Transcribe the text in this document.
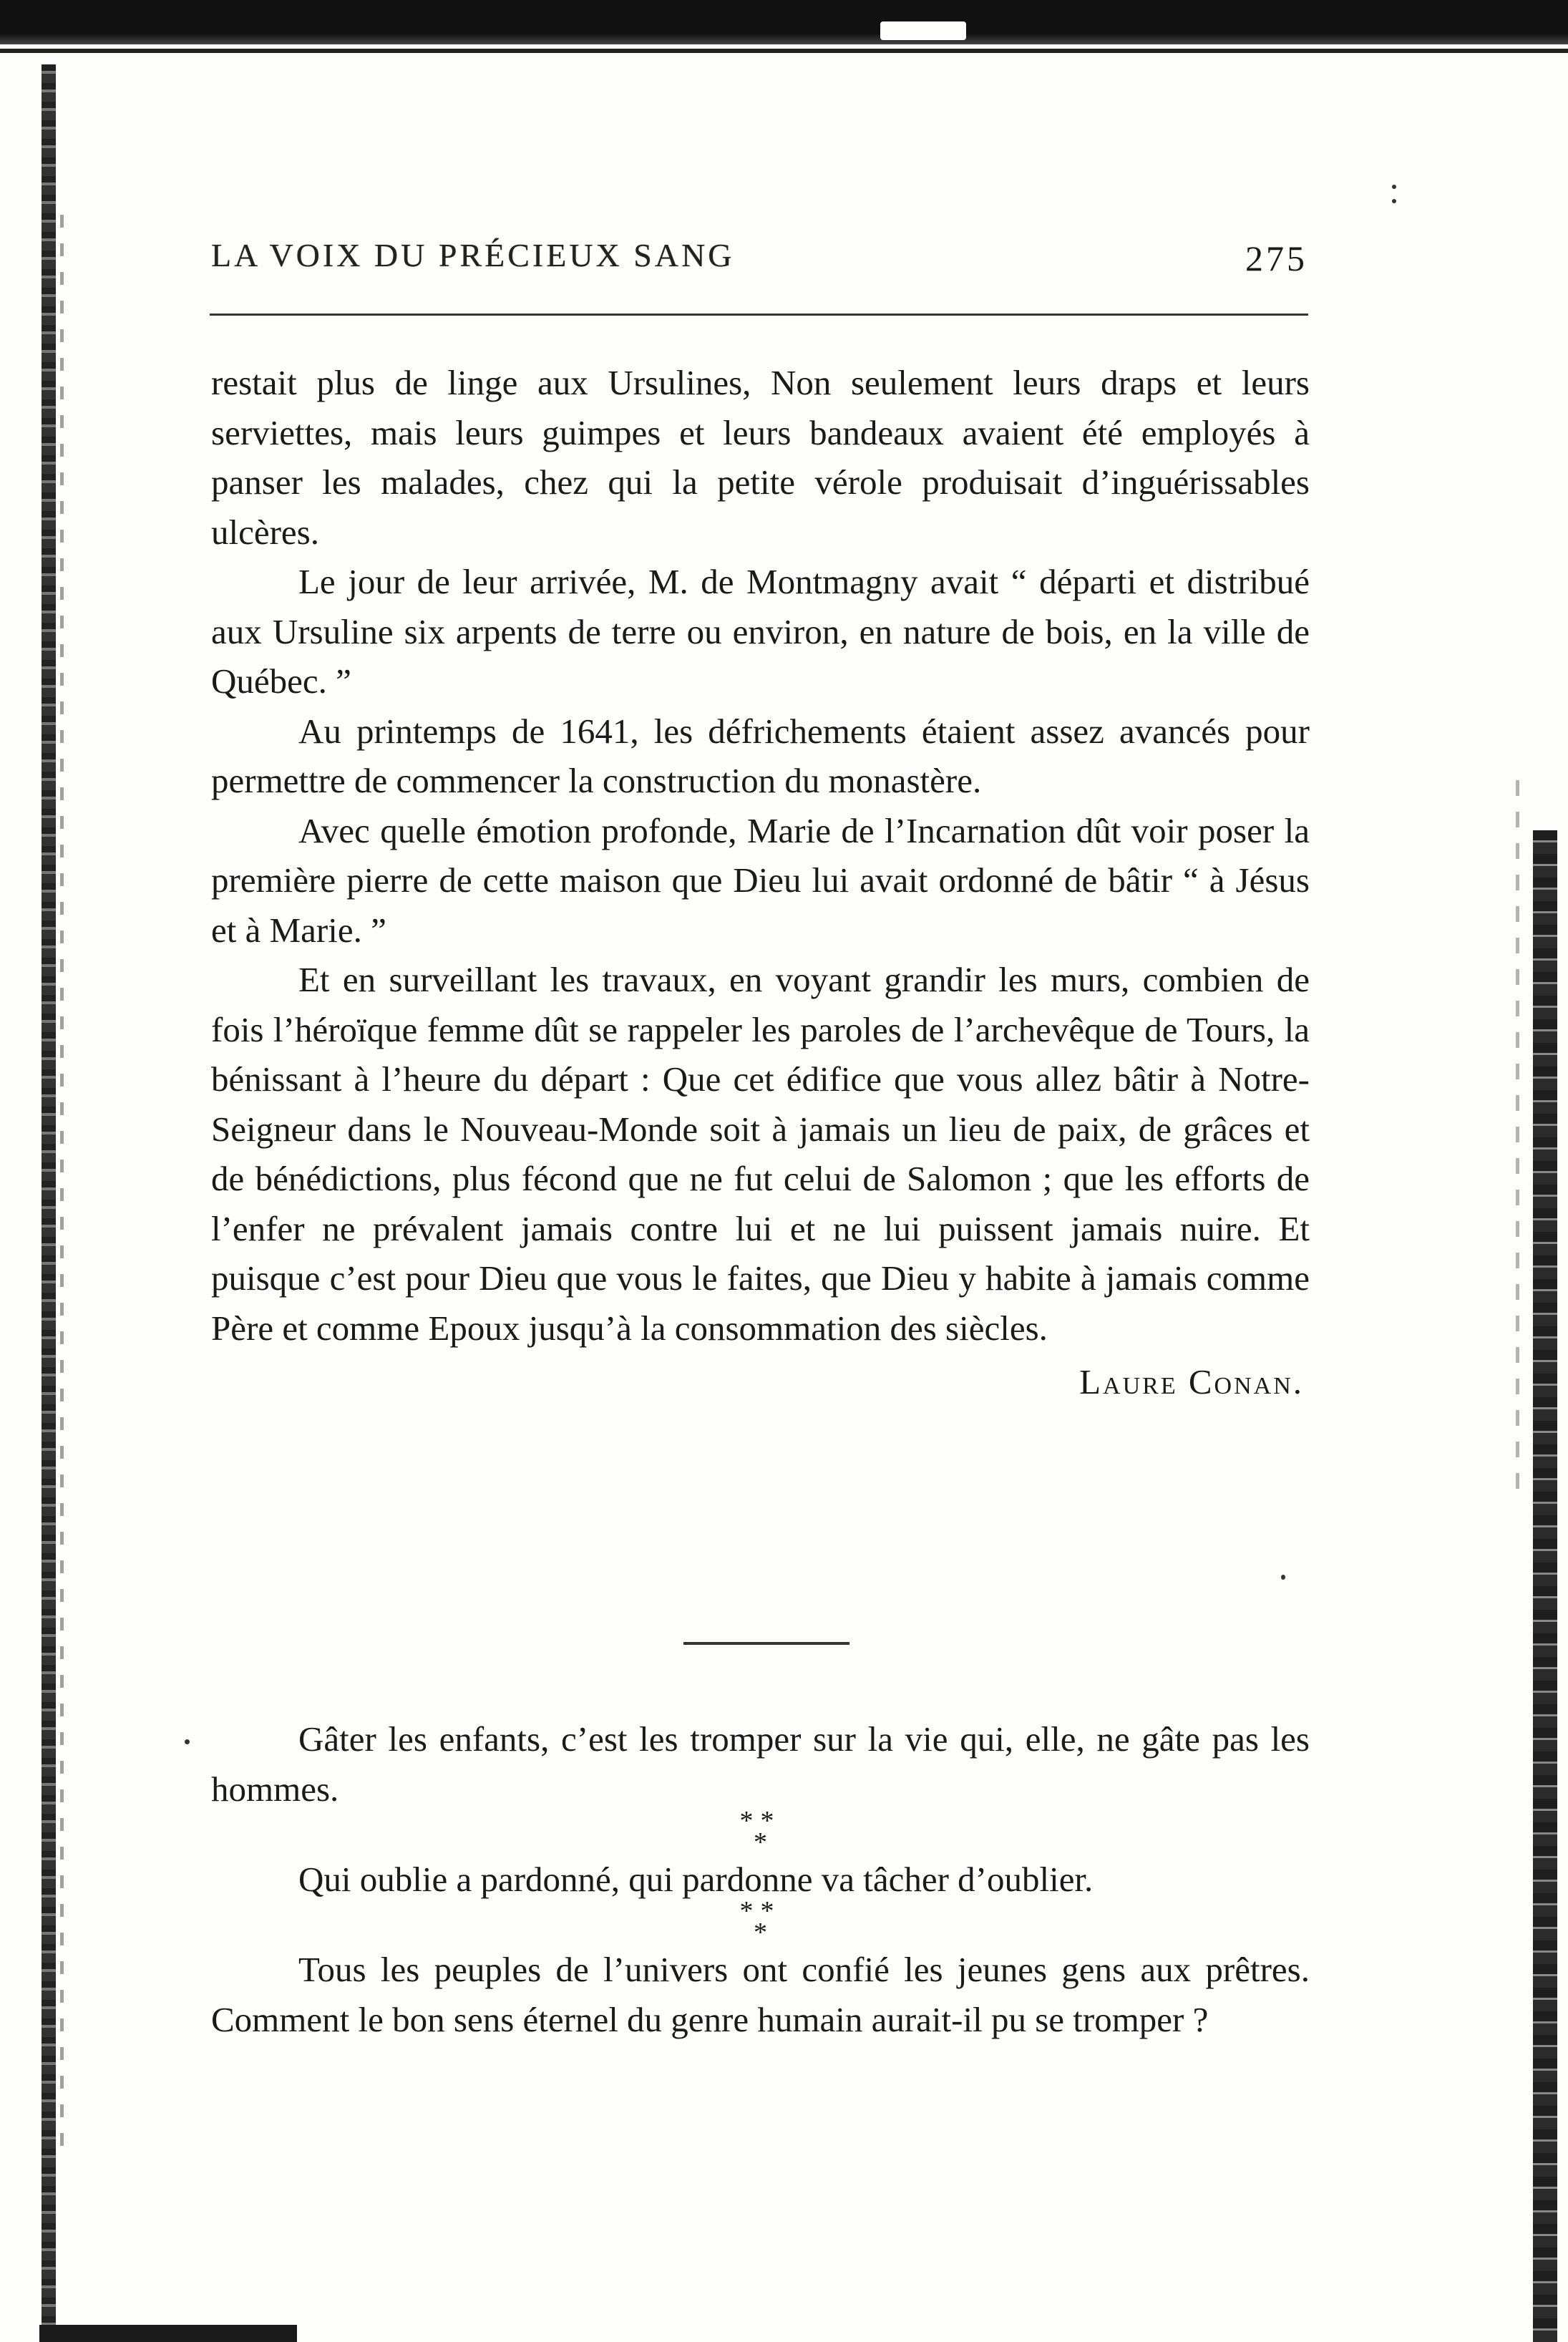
LA VOIX DU PRÉCIEUX SANG	275

restait plus de linge aux Ursulines, Non seulement leurs draps et leurs serviettes, mais leurs guimpes et leurs bandeaux avaient été employés à panser les malades, chez qui la petite vérole produisait d’inguérissables ulcères.

Le jour de leur arrivée, M. de Montmagny avait “ départi et distribué aux Ursuline six arpents de terre ou environ, en nature de bois, en la ville de Québec. ”

Au printemps de 1641, les défrichements étaient assez avancés pour permettre de commencer la construction du monastère.

Avec quelle émotion profonde, Marie de l’Incarnation dût voir poser la première pierre de cette maison que Dieu lui avait ordonné de bâtir “ à Jésus et à Marie. ”

Et en surveillant les travaux, en voyant grandir les murs, combien de fois l’héroïque femme dût se rappeler les paroles de l’archevêque de Tours, la bénissant à l’heure du départ : Que cet édifice que vous allez bâtir à Notre-Seigneur dans le Nouveau-Monde soit à jamais un lieu de paix, de grâces et de bénédictions, plus fécond que ne fut celui de Salomon ; que les efforts de l’enfer ne prévalent jamais contre lui et ne lui puissent jamais nuire. Et puisque c’est pour Dieu que vous le faites, que Dieu y habite à jamais comme Père et comme Epoux jusqu’à la consommation des siècles.

Laure Conan.

Gâter les enfants, c’est les tromper sur la vie qui, elle, ne gâte pas les hommes.

**
*

Qui oublie a pardonné, qui pardonne va tâcher d’oublier.

**
*

Tous les peuples de l’univers ont confié les jeunes gens aux prêtres. Comment le bon sens éternel du genre humain aurait-il pu se tromper ?
